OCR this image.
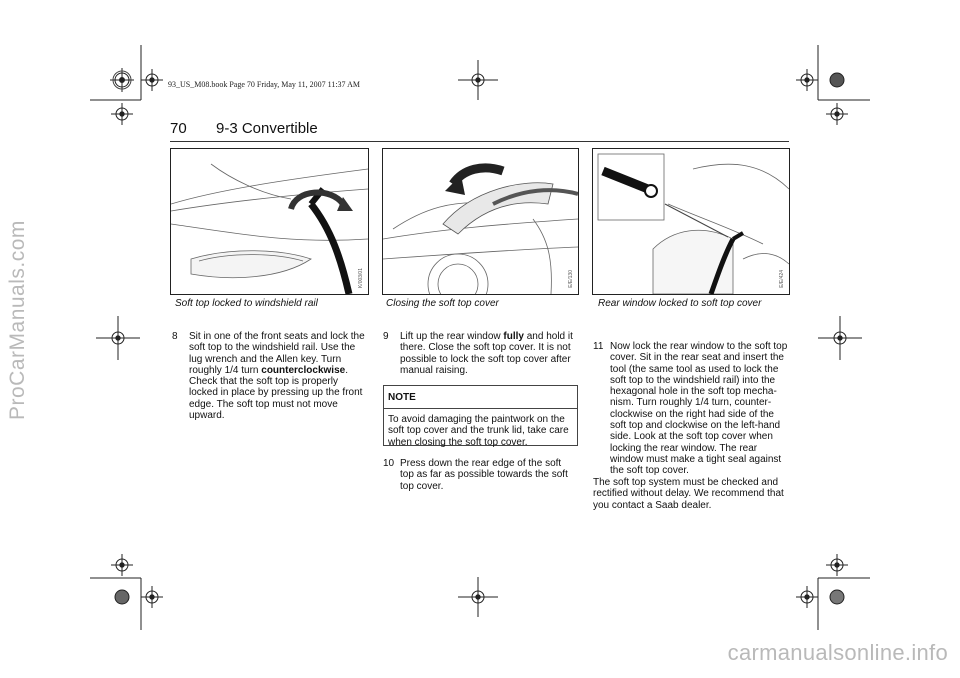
93_US_M08.book Page 70 Friday, May 11, 2007 11:37 AM
70 9-3 Convertible
K/003/01
Soft top locked to windshield rail
E/E/130
Closing the soft top cover
E/E/424
Rear window locked to soft top cover
8	Sit in one of the front seats and lock the soft top to the windshield rail. Use the lug wrench and the Allen key. Turn roughly 1/4 turn counterclockwise. Check that the soft top is properly locked in place by pressing up the front edge. The soft top must not move upward.
9	Lift up the rear window fully and hold it there. Close the soft top cover. It is not possible to lock the soft top cover after manual raising.
NOTE
To avoid damaging the paintwork on the soft top cover and the trunk lid, take care when closing the soft top cover.
10 Press down the rear edge of the soft top as far as possible towards the soft top cover.
11 Now lock the rear window to the soft top cover. Sit in the rear seat and insert the tool (the same tool as used to lock the soft top to the windshield rail) into the hexagonal hole in the soft top mecha-nism. Turn roughly 1/4 turn, counter-clockwise on the right had side of the soft top and clockwise on the left-hand side. Look at the soft top cover when locking the rear window. The rear window must make a tight seal against the soft top cover.
The soft top system must be checked and rectified without delay. We recommend that you contact a Saab dealer.
ProCarManuals.com
carmanualsonline.info
